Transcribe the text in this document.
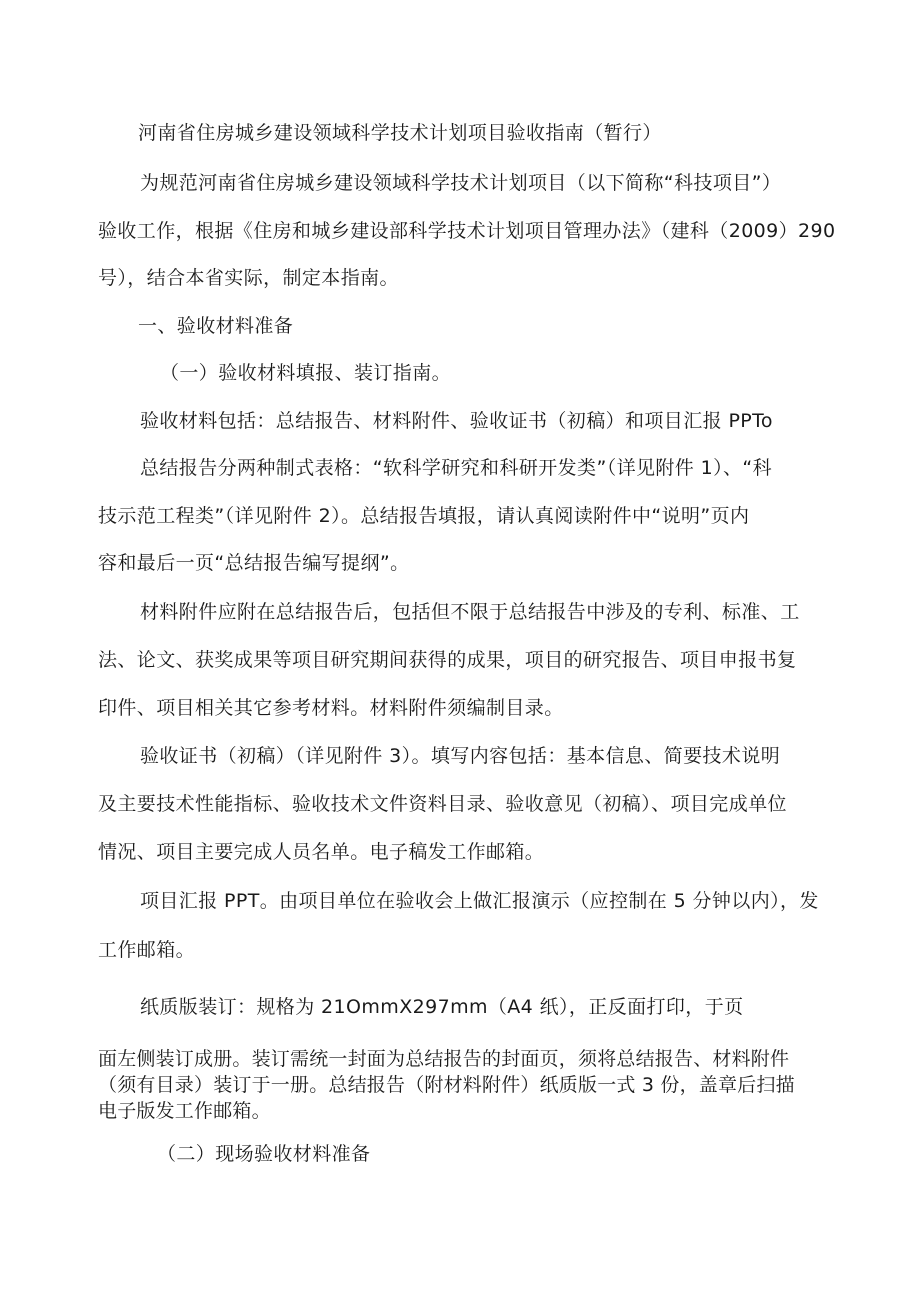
河南省住房城乡建设领域科学技术计划项目验收指南（暂行）
为规范河南省住房城乡建设领域科学技术计划项目（以下简称“科技项目”）
验收工作，根据《住房和城乡建设部科学技术计划项目管理办法》（建科（2009）290
号），结合本省实际，制定本指南。
一、验收材料准备
（一）验收材料填报、装订指南。
验收材料包括：总结报告、材料附件、验收证书（初稿）和项目汇报 PPTo
总结报告分两种制式表格：“软科学研究和科研开发类”（详见附件 1）、“科
技示范工程类”（详见附件 2）。总结报告填报，请认真阅读附件中“说明”页内
容和最后一页“总结报告编写提纲”。
材料附件应附在总结报告后，包括但不限于总结报告中涉及的专利、标准、工
法、论文、获奖成果等项目研究期间获得的成果，项目的研究报告、项目申报书复
印件、项目相关其它参考材料。材料附件须编制目录。
验收证书（初稿）（详见附件 3）。填写内容包括：基本信息、简要技术说明
及主要技术性能指标、验收技术文件资料目录、验收意见（初稿）、项目完成单位
情况、项目主要完成人员名单。电子稿发工作邮箱。
项目汇报 PPT。由项目单位在验收会上做汇报演示（应控制在 5 分钟以内），发
工作邮箱。
纸质版装订：规格为 21OmmX297mm（A4 纸），正反面打印，于页
面左侧装订成册。装订需统一封面为总结报告的封面页，须将总结报告、材料附件
（须有目录）装订于一册。总结报告（附材料附件）纸质版一式 3 份，盖章后扫描
电子版发工作邮箱。
（二）现场验收材料准备
